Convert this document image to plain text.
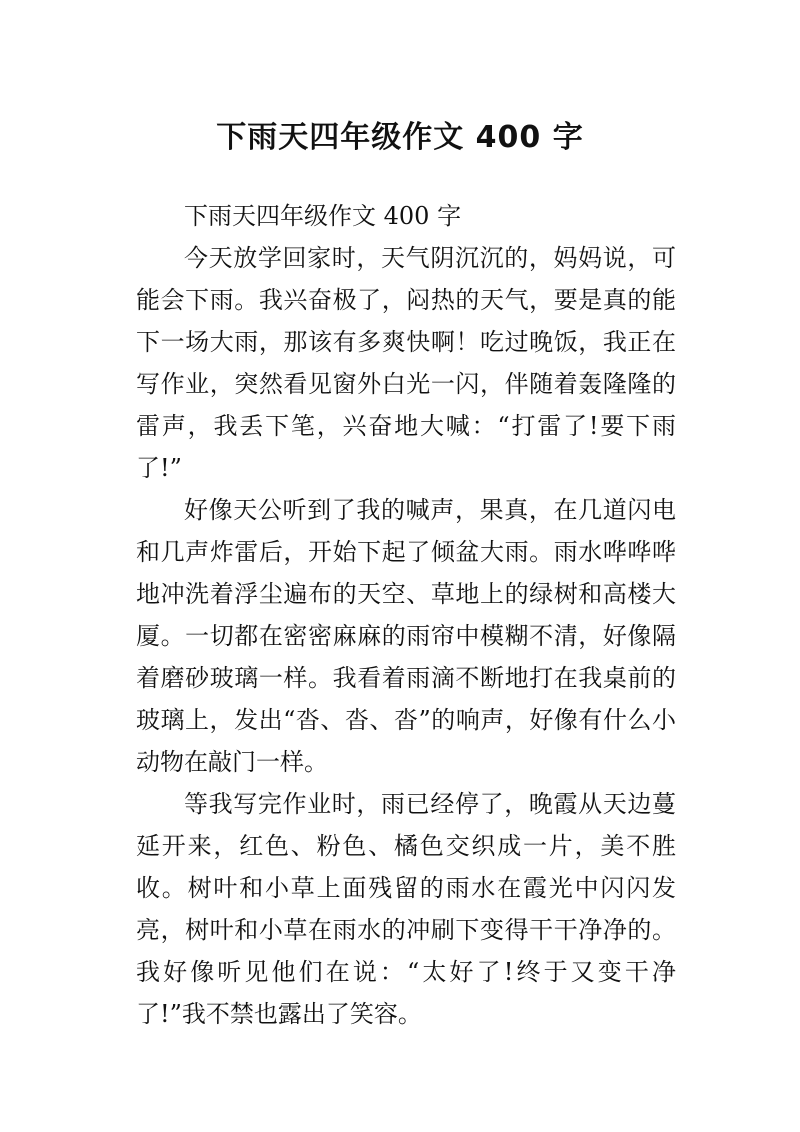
下雨天四年级作文 400 字

下雨天四年级作文 400 字

今天放学回家时，天气阴沉沉的，妈妈说，可能会下雨。我兴奋极了，闷热的天气，要是真的能下一场大雨，那该有多爽快啊！吃过晚饭，我正在写作业，突然看见窗外白光一闪，伴随着轰隆隆的雷声，我丢下笔，兴奋地大喊：“打雷了!要下雨了!”

好像天公听到了我的喊声，果真，在几道闪电和几声炸雷后，开始下起了倾盆大雨。雨水哗哗哗地冲洗着浮尘遍布的天空、草地上的绿树和高楼大厦。一切都在密密麻麻的雨帘中模糊不清，好像隔着磨砂玻璃一样。我看着雨滴不断地打在我桌前的玻璃上，发出“沓、沓、沓”的响声，好像有什么小动物在敲门一样。

等我写完作业时，雨已经停了，晚霞从天边蔓延开来，红色、粉色、橘色交织成一片，美不胜收。树叶和小草上面残留的雨水在霞光中闪闪发亮，树叶和小草在雨水的冲刷下变得干干净净的。我好像听见他们在说：“太好了!终于又变干净了!”我不禁也露出了笑容。
